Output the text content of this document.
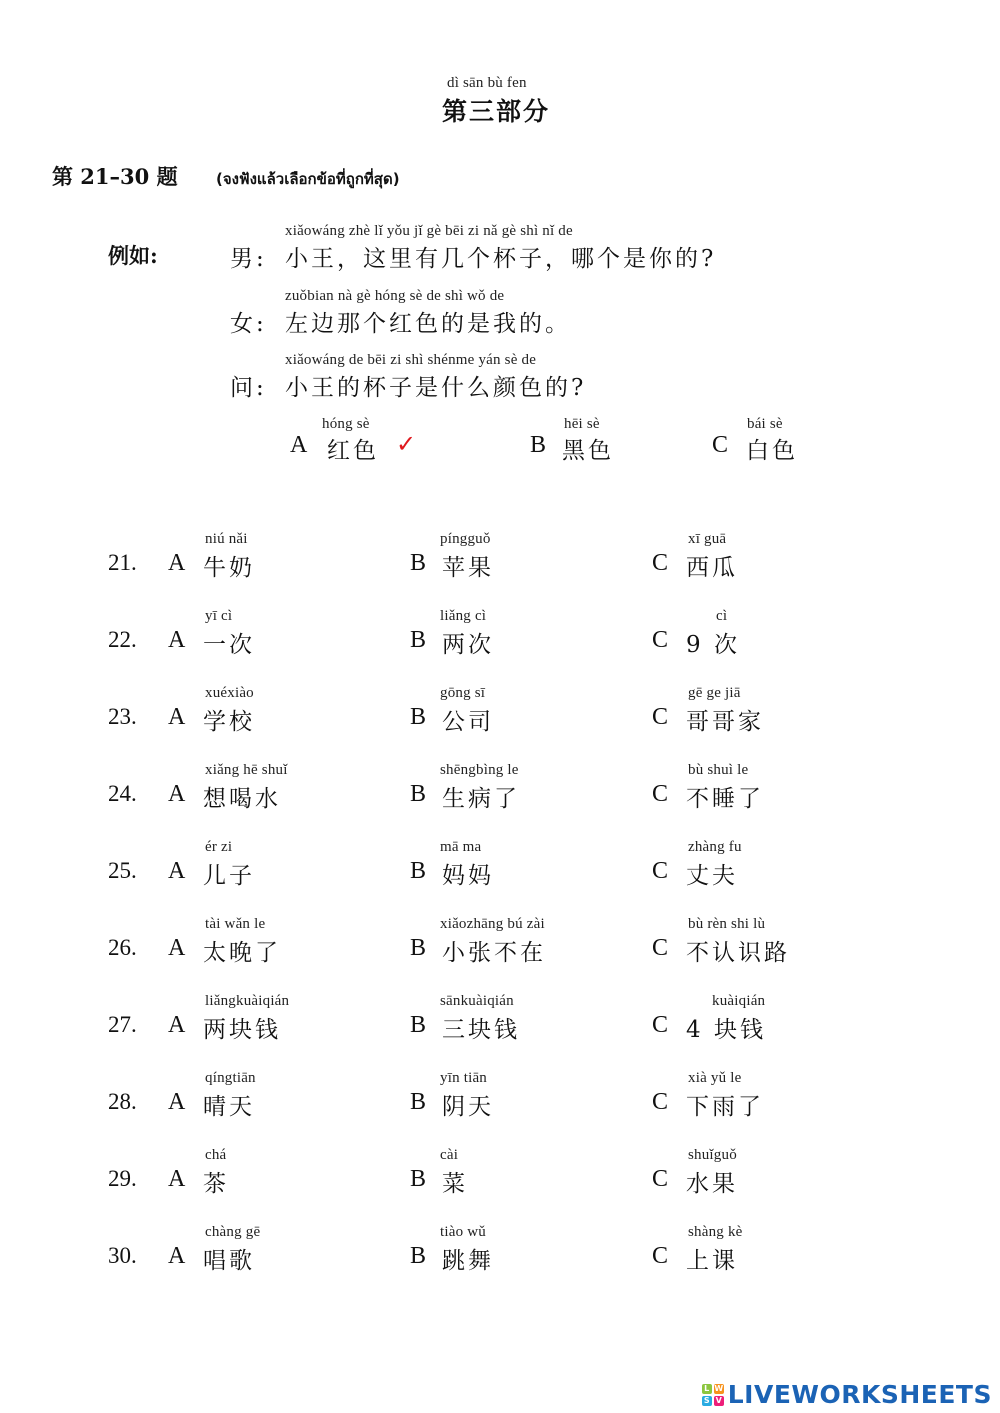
dì sān bù fen
第三部分
第 21–30 题	(จงฟังแล้วเลือกข้อที่ถูกที่สุด)
例如:	男:
xiǎowáng zhè lǐ yǒu jǐ gè bēi zi nǎ gè shì nǐ de
小王，这里有几个杯子，哪个是你的?
女:
zuǒbian nà gè hóng sè de shì wǒ de
左边那个红色的是我的。
问:
xiǎowáng de bēi zi shì shénme yán sè de
小王的杯子是什么颜色的?
A
hóng sè
红色 ✓	B
hēi sè
黑色	C
bái sè
白色
21. A
niú nǎi
牛奶	B
píngguǒ
苹果	C
xī guā
西瓜
22. A
yī cì
一次	B
liǎng cì
两次	C
cì
9 次
23. A
xuéxiào
学校	B
gōng sī
公司	C
gē ge jiā
哥哥家
24. A
xiǎng hē shuǐ
想喝水	B
shēngbìng le
生病了	C
bù shuì le
不睡了
25. A
ér zi
儿子	B
mā ma
妈妈	C
zhàng fu
丈夫
26. A
tài wǎn le
太晚了	B
xiǎozhāng bú zài
小张不在	C
bù rèn shi lù
不认识路
27. A
liǎngkuàiqián
两块钱	B
sānkuàiqián
三块钱	C
kuàiqián
4 块钱
28. A
qíngtiān
晴天	B
yīn tiān
阴天	C
xià yǔ le
下雨了
29. A
chá
茶	B
cài
菜	C
shuǐguǒ
水果
30. A
chàng gē
唱歌	B
tiào wǔ
跳舞	C
shàng kè
上课
L W
S V LIVEWORKSHEETS
